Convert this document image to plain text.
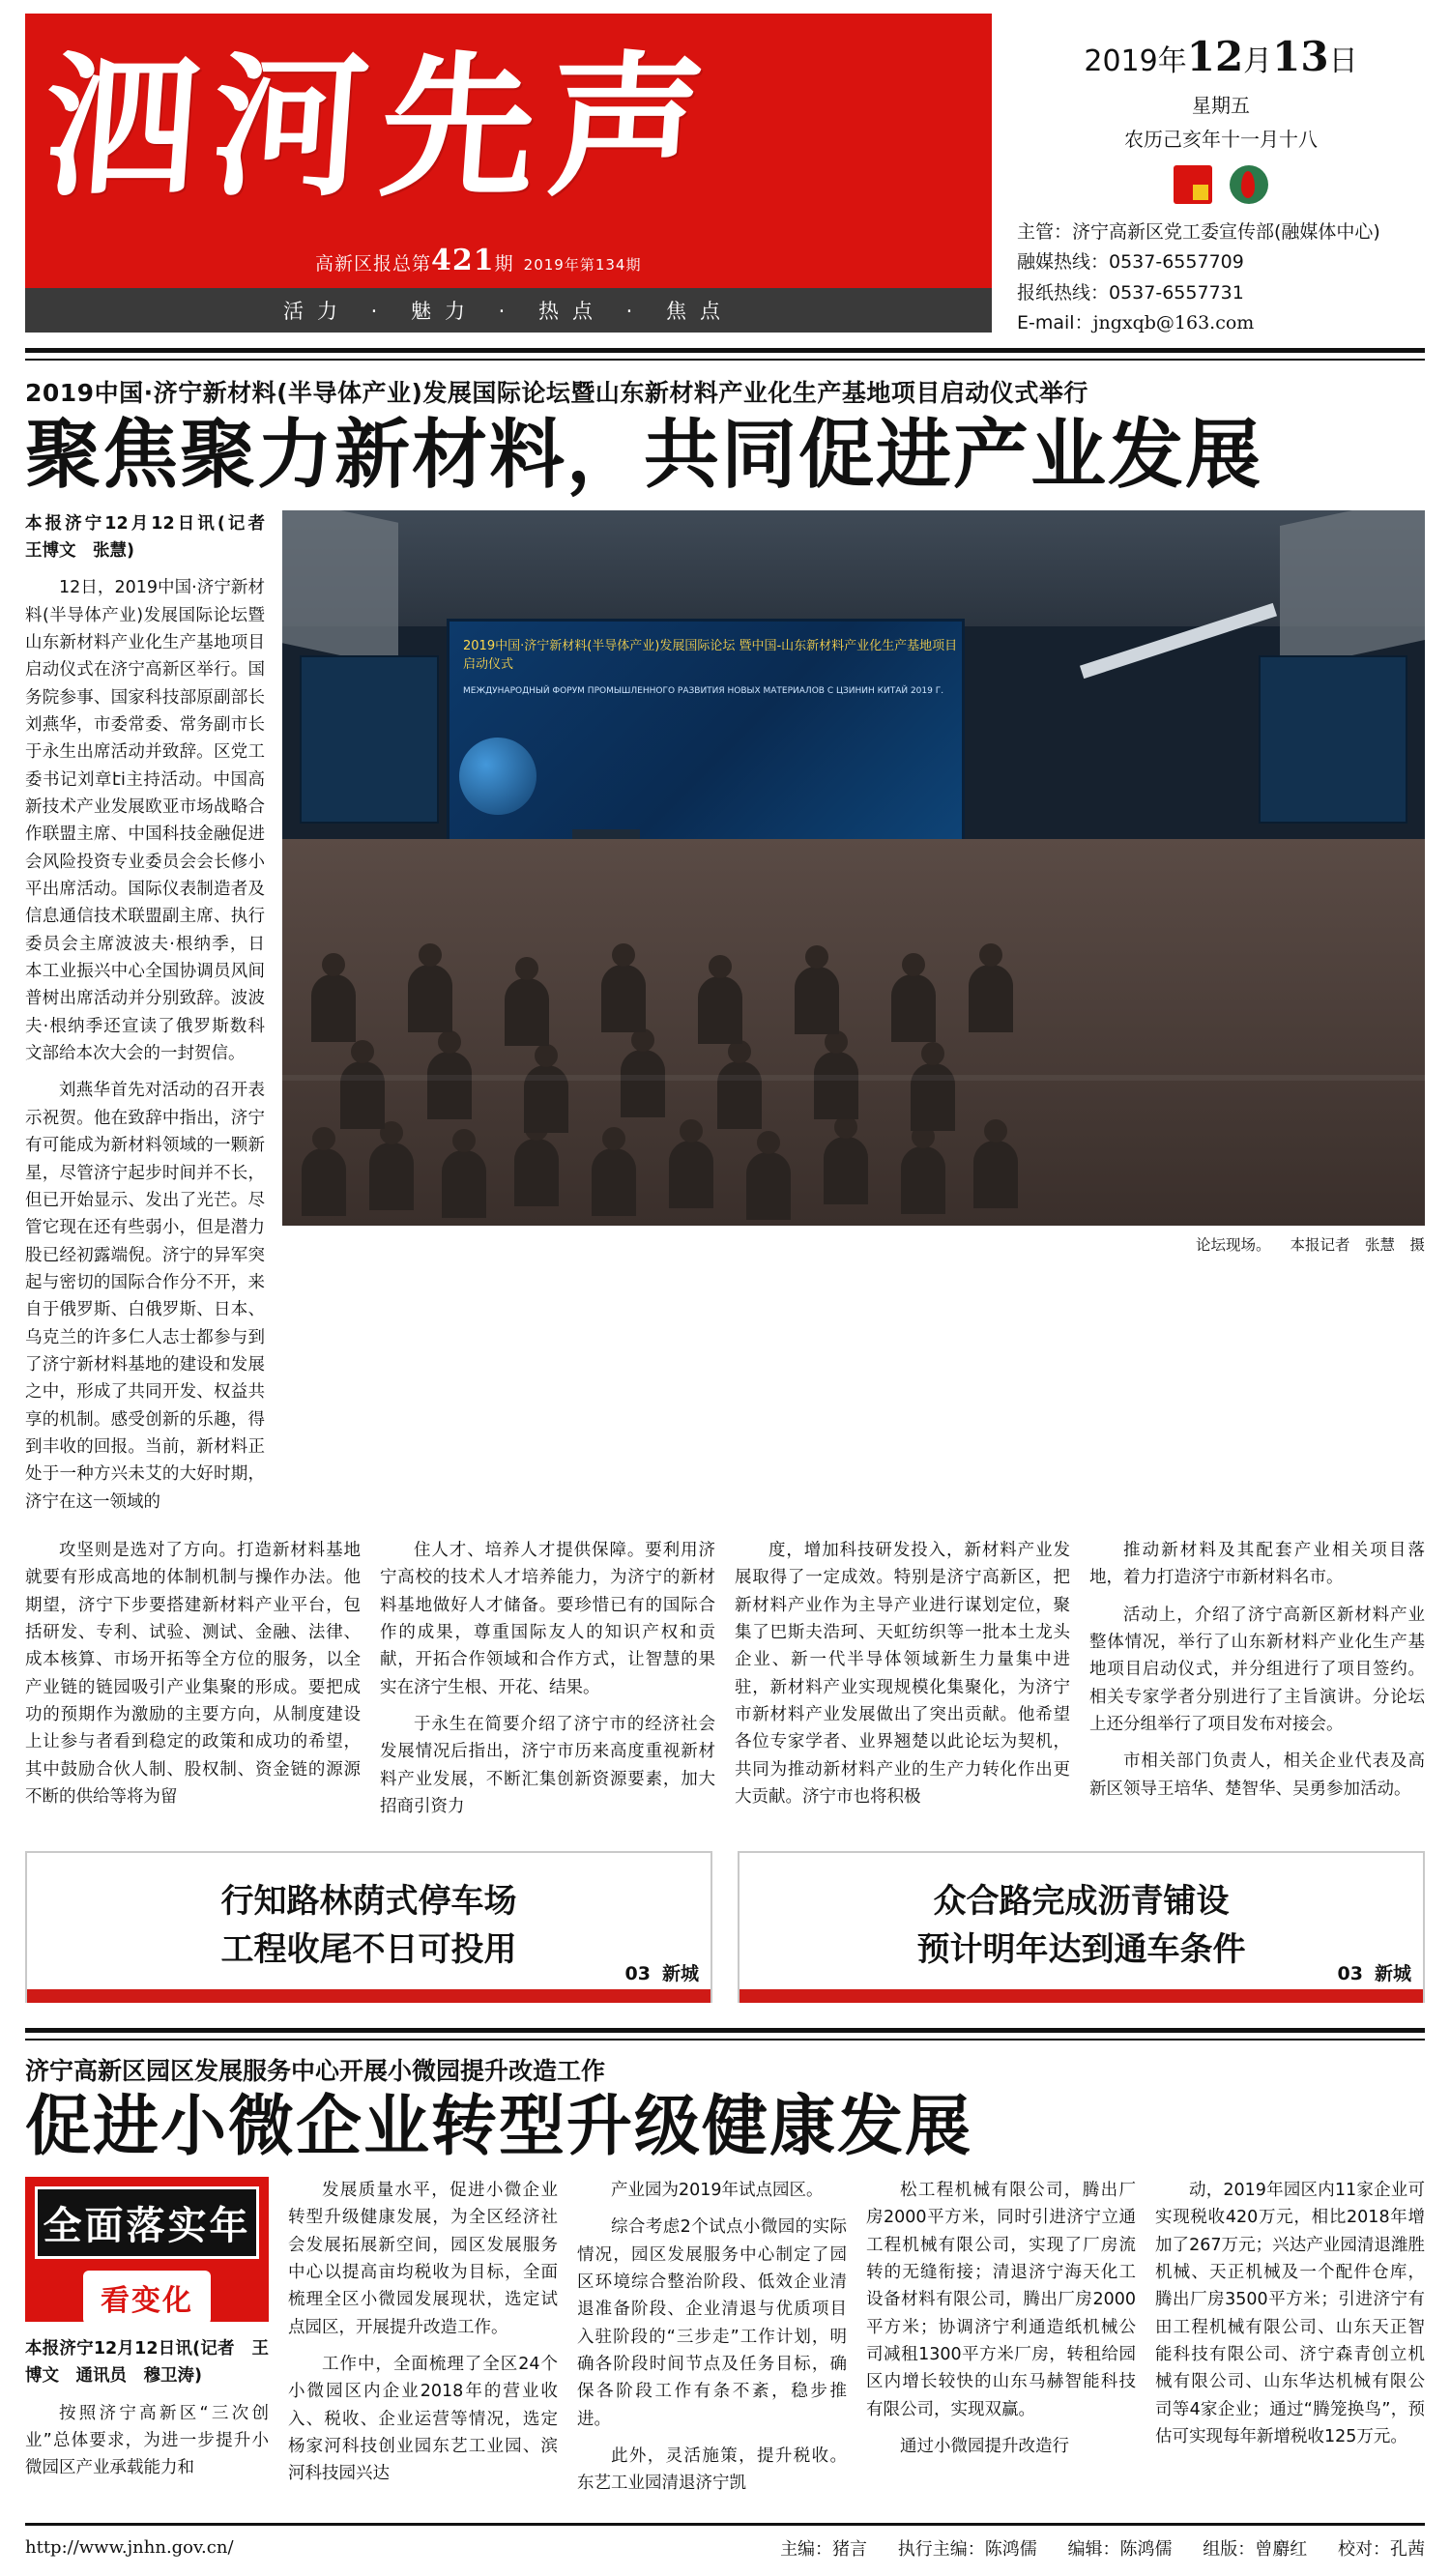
泗河先声
高新区报总第421期 2019年第134期
活力 · 魅力 · 热点 · 焦点
2019年12月13日
星期五
农历己亥年十一月十八
主管：济宁高新区党工委宣传部(融媒体中心)
融媒热线：0537-6557709
报纸热线：0537-6557731
E-mail：jngxqb@163.com
2019中国·济宁新材料(半导体产业)发展国际论坛暨山东新材料产业化生产基地项目启动仪式举行
聚焦聚力新材料，共同促进产业发展

本报济宁12月12日讯(记者　王博文　张慧)

12日，2019中国·济宁新材料(半导体产业)发展国际论坛暨山东新材料产业化生产基地项目启动仪式在济宁高新区举行。国务院参事、国家科技部原副部长刘燕华，市委常委、常务副市长于永生出席活动并致辞。区党工委书记刘章էi主持活动。中国高新技术产业发展欧亚市场战略合作联盟主席、中国科技金融促进会风险投资专业委员会会长修小平出席活动。国际仪表制造者及信息通信技术联盟副主席、执行委员会主席波波夫·根纳季，日本工业振兴中心全国协调员风间普树出席活动并分别致辞。波波夫·根纳季还宣读了俄罗斯数科文部给本次大会的一封贺信。

刘燕华首先对活动的召开表示祝贺。他在致辞中指出，济宁有可能成为新材料领域的一颗新星，尽管济宁起步时间并不长，但已开始显示、发出了光芒。尽管它现在还有些弱小，但是潜力股已经初露端倪。济宁的异军突起与密切的国际合作分不开，来自于俄罗斯、白俄罗斯、日本、乌克兰的许多仁人志士都参与到了济宁新材料基地的建设和发展之中，形成了共同开发、权益共享的机制。感受创新的乐趣，得到丰收的回报。当前，新材料正处于一种方兴未艾的大好时期，济宁在这一领域的

2019中国·济宁新材料(半导体产业)发展国际论坛 暨中国-山东新材料产业化生产基地项目启动仪式
МЕЖДУНАРОДНЫЙ ФОРУМ ПРОМЫШЛЕННОГО РАЗВИТИЯ НОВЫХ МАТЕРИАЛОВ С ЦЗИНИН КИТАЙ 2019 Г.
论坛现场。 本报记者　张慧　摄

攻坚则是选对了方向。打造新材料基地就要有形成高地的体制机制与操作办法。他期望，济宁下步要搭建新材料产业平台，包括研发、专利、试验、测试、金融、法律、成本核算、市场开拓等全方位的服务，以全产业链的链园吸引产业集聚的形成。要把成功的预期作为激励的主要方向，从制度建设上让参与者看到稳定的政策和成功的希望，其中鼓励合伙人制、股权制、资金链的源源不断的供给等将为留

住人才、培养人才提供保障。要利用济宁高校的技术人才培养能力，为济宁的新材料基地做好人才储备。要珍惜已有的国际合作的成果，尊重国际友人的知识产权和贡献，开拓合作领域和合作方式，让智慧的果实在济宁生根、开花、结果。

于永生在简要介绍了济宁市的经济社会发展情况后指出，济宁市历来高度重视新材料产业发展，不断汇集创新资源要素，加大招商引资力

度，增加科技研发投入，新材料产业发展取得了一定成效。特别是济宁高新区，把新材料产业作为主导产业进行谋划定位，聚集了巴斯夫浩珂、天虹纺织等一批本土龙头企业、新一代半导体领域新生力量集中进驻，新材料产业实现规模化集聚化，为济宁市新材料产业发展做出了突出贡献。他希望各位专家学者、业界翘楚以此论坛为契机，共同为推动新材料产业的生产力转化作出更大贡献。济宁市也将积极

推动新材料及其配套产业相关项目落地，着力打造济宁市新材料名市。

活动上，介绍了济宁高新区新材料产业整体情况，举行了山东新材料产业化生产基地项目启动仪式，并分组进行了项目签约。相关专家学者分别进行了主旨演讲。分论坛上还分组举行了项目发布对接会。

市相关部门负责人，相关企业代表及高新区领导王培华、楚智华、吴勇参加活动。

行知路林荫式停车场
工程收尾不日可投用
03 新城
众合路完成沥青铺设
预计明年达到通车条件
03 新城
济宁高新区园区发展服务中心开展小微园提升改造工作
促进小微企业转型升级健康发展
全面落实年
看变化

本报济宁12月12日讯(记者　王博文　通讯员　穆卫涛)

按照济宁高新区“三次创业”总体要求，为进一步提升小微园区产业承载能力和

发展质量水平，促进小微企业转型升级健康发展，为全区经济社会发展拓展新空间，园区发展服务中心以提高亩均税收为目标，全面梳理全区小微园发展现状，选定试点园区，开展提升改造工作。

工作中，全面梳理了全区24个小微园区内企业2018年的营业收入、税收、企业运营等情况，选定杨家河科技创业园东艺工业园、滨河科技园兴达

产业园为2019年试点园区。

综合考虑2个试点小微园的实际情况，园区发展服务中心制定了园区环境综合整治阶段、低效企业清退准备阶段、企业清退与优质项目入驻阶段的“三步走”工作计划，明确各阶段时间节点及任务目标，确保各阶段工作有条不紊，稳步推进。

此外，灵活施策，提升税收。东艺工业园清退济宁凯

松工程机械有限公司，腾出厂房2000平方米，同时引进济宁立通工程机械有限公司，实现了厂房流转的无缝衔接；清退济宁海天化工设备材料有限公司，腾出厂房2000平方米；协调济宁利通造纸机械公司减租1300平方米厂房，转租给园区内增长较快的山东马赫智能科技有限公司，实现双赢。

通过小微园提升改造行

动，2019年园区内11家企业可实现税收420万元，相比2018年增加了267万元；兴达产业园清退潍胜机械、天正机械及一个配件仓库，腾出厂房3500平方米；引进济宁有田工程机械有限公司、山东天正智能科技有限公司、济宁森青创立机械有限公司、山东华达机械有限公司等4家企业；通过“腾笼换鸟”，预估可实现每年新增税收125万元。

http://www.jnhn.gov.cn/	主编：猪言 执行主编：陈鸿儒 编辑：陈鸿儒 组版：曾麝红 校对：孔茜
